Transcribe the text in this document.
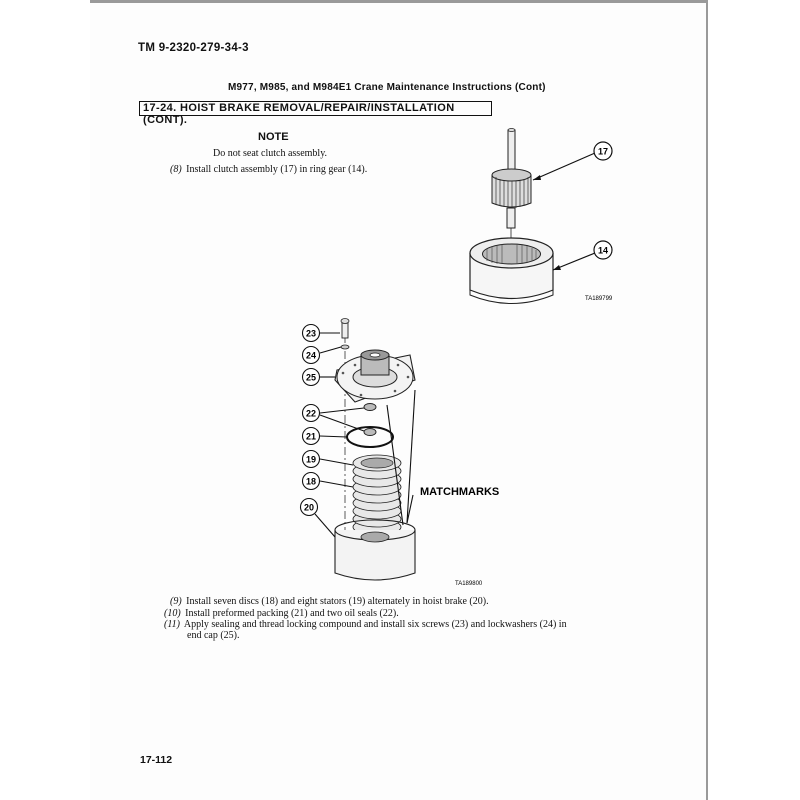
TM 9-2320-279-34-3
M977, M985, and M984E1 Crane Maintenance Instructions (Cont)
17-24. HOIST BRAKE REMOVAL/REPAIR/INSTALLATION (CONT).
NOTE
Do not seat clutch assembly.
(8) Install clutch assembly (17) in ring gear (14).
17
14
TA189799
23
24
25
22
21
19
18
20
MATCHMARKS
TA189800
(9) Install seven discs (18) and eight stators (19) alternately in hoist brake (20).
(10) Install preformed packing (21) and two oil seals (22).
(11) Apply sealing and thread locking compound and install six screws (23) and lockwashers (24) in
end cap (25).
17-112
